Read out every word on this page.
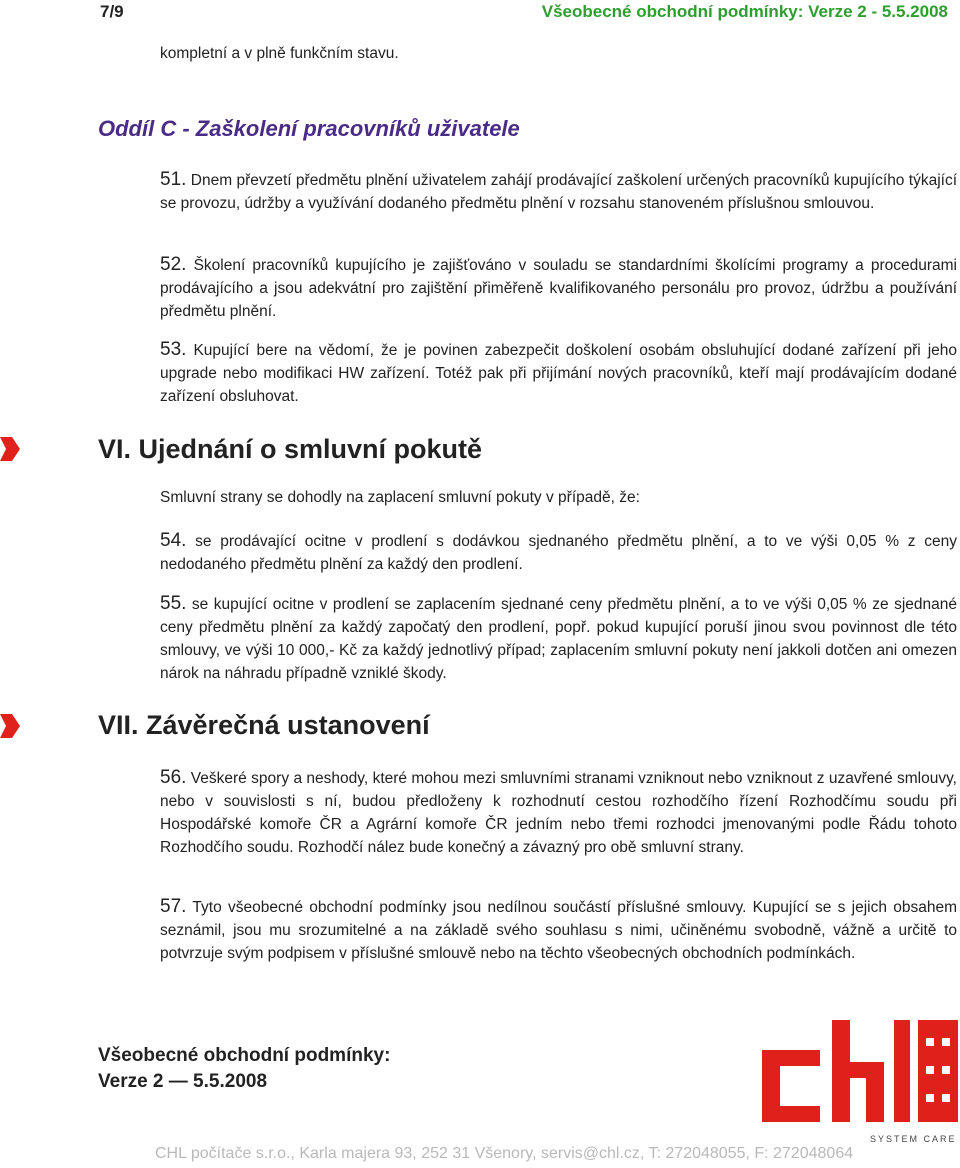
7/9	Všeobecné obchodní podmínky: Verze 2 - 5.5.2008
kompletní a v plně funkčním stavu.
Oddíl C - Zaškolení pracovníků uživatele
51. Dnem převzetí předmětu plnění uživatelem zahájí prodávající zaškolení určených pracovníků kupujícího týkající se provozu, údržby a využívání dodaného předmětu plnění v rozsahu stanoveném příslušnou smlouvou.
52. Školení pracovníků kupujícího je zajišťováno v souladu se standardními školícími programy a procedurami prodávajícího a jsou adekvátní pro zajištění přiměřeně kvalifikovaného personálu pro provoz, údržbu a používání předmětu plnění.
53. Kupující bere na vědomí, že je povinen zabezpečit doškolení osobám obsluhující dodané zařízení při jeho upgrade nebo modifikaci HW zařízení. Totéž pak při přijímání nových pracovníků, kteří mají prodávajícím dodané zařízení obsluhovat.
VI. Ujednání o smluvní pokutě
Smluvní strany se dohodly na zaplacení smluvní pokuty v případě, že:
54. se prodávající ocitne v prodlení s dodávkou sjednaného předmětu plnění, a to ve výši 0,05 % z ceny nedodaného předmětu plnění za každý den prodlení.
55. se kupující ocitne v prodlení se zaplacením sjednané ceny předmětu plnění, a to ve výši 0,05 % ze sjednané ceny předmětu plnění za každý započatý den prodlení, popř. pokud kupující poruší jinou svou povinnost dle této smlouvy, ve výši 10 000,- Kč za každý jednotlivý případ; zaplacením smluvní pokuty není jakkoli dotčen ani omezen nárok na náhradu případně vzniklé škody.
VII. Závěrečná ustanovení
56. Veškeré spory a neshody, které mohou mezi smluvními stranami vzniknout nebo vzniknout z uzavřené smlouvy, nebo v souvislosti s ní, budou předloženy k rozhodnutí cestou rozhodčího řízení Rozhodčímu soudu při Hospodářské komoře ČR a Agrární komoře ČR jedním nebo třemi rozhodci jmenovanými podle Řádu tohoto Rozhodčího soudu. Rozhodčí nález bude konečný a závazný pro obě smluvní strany.
57. Tyto všeobecné obchodní podmínky jsou nedílnou součástí příslušné smlouvy. Kupující se s jejich obsahem seznámil, jsou mu srozumitelné a na základě svého souhlasu s nimi, učiněnému svobodně, vážně a určitě to potvrzuje svým podpisem v příslušné smlouvě nebo na těchto všeobecných obchodních podmínkách.
Všeobecné obchodní podmínky:
Verze 2 — 5.5.2008
SYSTEM CARE
CHL počítače s.r.o., Karla majera 93, 252 31 Všenory, servis@chl.cz, T: 272048055, F: 272048064
